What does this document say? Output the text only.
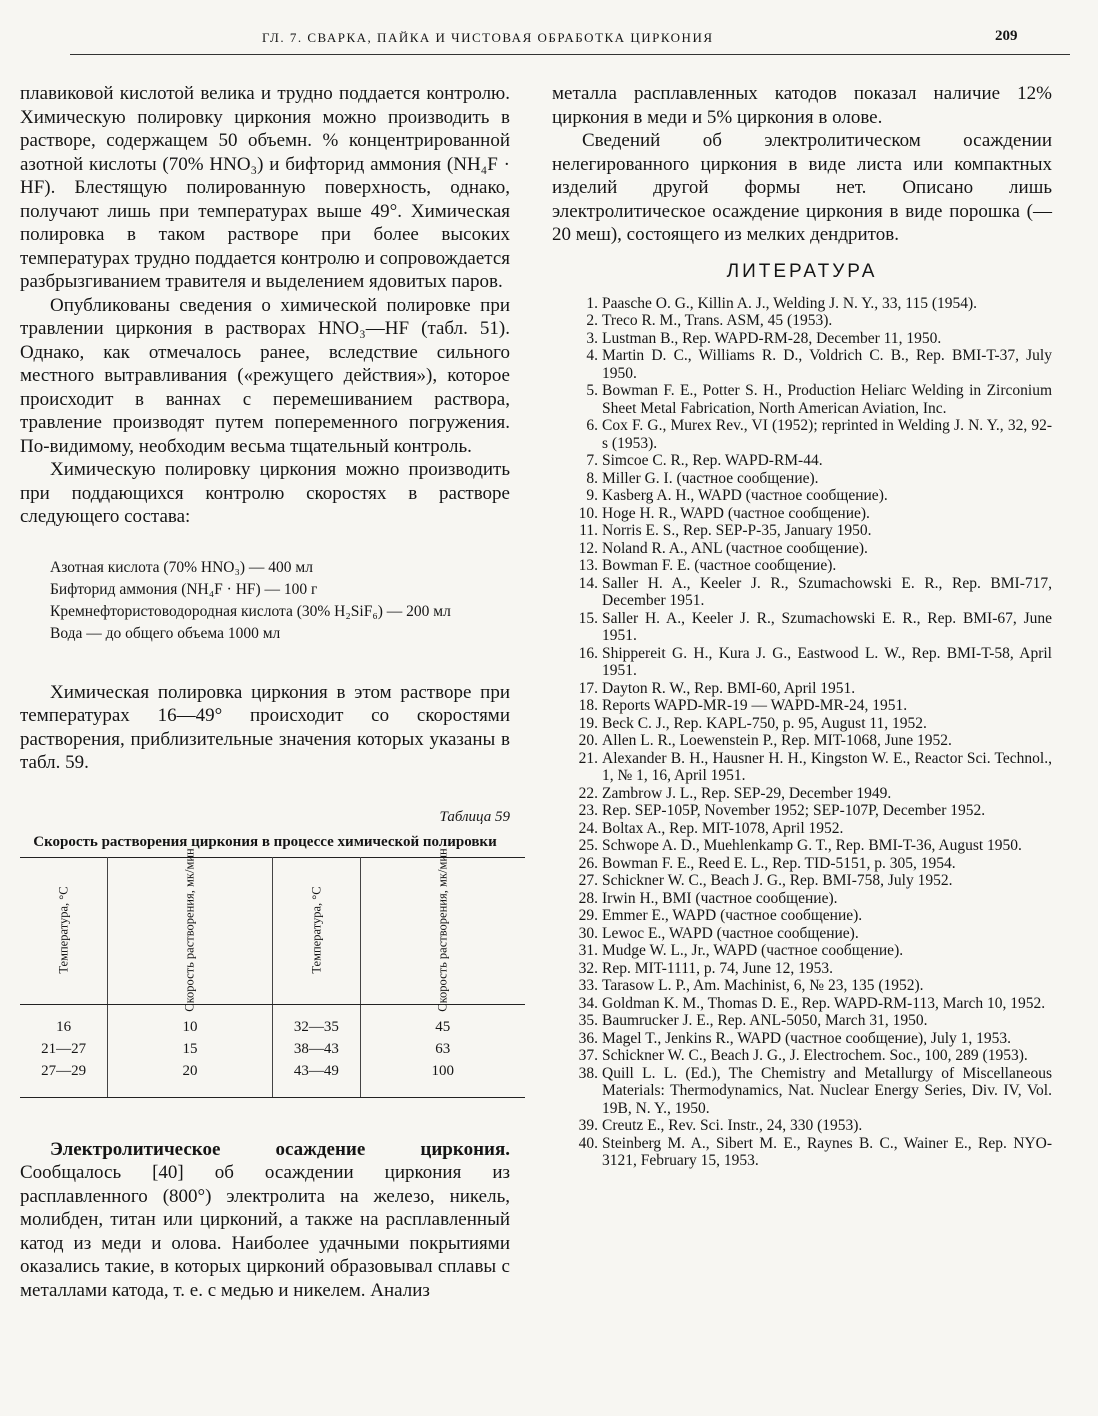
ГЛ. 7. СВАРКА, ПАЙКА И ЧИСТОВАЯ ОБРАБОТКА ЦИРКОНИЯ	209

плавиковой кислотой велика и трудно поддается контролю. Химическую полировку циркония можно производить в растворе, содержащем 50 объемн. % концентрированной азотной кислоты (70% HNO₃) и бифторид аммония (NH₄F · HF). Блестящую полированную поверхность, однако, получают лишь при температурах выше 49°. Химическая полировка в таком растворе при более высоких температурах трудно поддается контролю и сопровождается разбрызгиванием травителя и выделением ядовитых паров.

Опубликованы сведения о химической полировке при травлении циркония в растворах HNO₃—HF (табл. 51). Однако, как отмечалось ранее, вследствие сильного местного вытравливания («режущего действия»), которое происходит в ваннах с перемешиванием раствора, травление производят путем попеременного погружения. По-видимому, необходим весьма тщательный контроль.

Химическую полировку циркония можно производить при поддающихся контролю скоростях в растворе следующего состава:

Азотная кислота (70% HNO₃) — 400 мл
Бифторид аммония (NH₄F · HF) — 100 г
Кремнефтористоводородная кислота (30% H₂SiF₆) — 200 мл
Вода — до общего объема 1000 мл

Химическая полировка циркония в этом растворе при температурах 16—49° происходит со скоростями растворения, приблизительные значения которых указаны в табл. 59.

Таблица 59
Скорость растворения циркония в процессе химической полировки
Температура, °С	Скорость растворения, мк/мин	Температура, °С	Скорость растворения, мк/мин
16	10	32—35	45
21—27	15	38—43	63
27—29	20	43—49	100

Электролитическое осаждение циркония. Сообщалось [40] об осаждении циркония из расплавленного (800°) электролита на железо, никель, молибден, титан или цирконий, а также на расплавленный катод из меди и олова. Наиболее удачными покрытиями оказались такие, в которых цирконий образовывал сплавы с металлами катода, т. е. с медью и никелем. Анализ

металла расплавленных катодов показал наличие 12% циркония в меди и 5% циркония в олове.

Сведений об электролитическом осаждении нелегированного циркония в виде листа или компактных изделий другой формы нет. Описано лишь электролитическое осаждение циркония в виде порошка (—20 меш), состоящего из мелких дендритов.

ЛИТЕРАТУРА
1. Paasche O. G., Killin A. J., Welding J. N. Y., 33, 115 (1954).
2. Treco R. M., Trans. ASM, 45 (1953).
3. Lustman B., Rep. WAPD-RM-28, December 11, 1950.
4. Martin D. C., Williams R. D., Voldrich C. B., Rep. BMI-T-37, July 1950.
5. Bowman F. E., Potter S. H., Production Heliarc Welding in Zirconium Sheet Metal Fabrication, North American Aviation, Inc.
6. Cox F. G., Murex Rev., VI (1952); reprinted in Welding J. N. Y., 32, 92-s (1953).
7. Simcoe C. R., Rep. WAPD-RM-44.
8. Miller G. I. (частное сообщение).
9. Kasberg A. H., WAPD (частное сообщение).
10. Hoge H. R., WAPD (частное сообщение).
11. Norris E. S., Rep. SEP-P-35, January 1950.
12. Noland R. A., ANL (частное сообщение).
13. Bowman F. E. (частное сообщение).
14. Saller H. A., Keeler J. R., Szumachowski E. R., Rep. BMI-717, December 1951.
15. Saller H. A., Keeler J. R., Szumachowski E. R., Rep. BMI-67, June 1951.
16. Shippereit G. H., Kura J. G., Eastwood L. W., Rep. BMI-T-58, April 1951.
17. Dayton R. W., Rep. BMI-60, April 1951.
18. Reports WAPD-MR-19 — WAPD-MR-24, 1951.
19. Beck C. J., Rep. KAPL-750, p. 95, August 11, 1952.
20. Allen L. R., Loewenstein P., Rep. MIT-1068, June 1952.
21. Alexander B. H., Hausner H. H., Kingston W. E., Reactor Sci. Technol., 1, № 1, 16, April 1951.
22. Zambrow J. L., Rep. SEP-29, December 1949.
23. Rep. SEP-105P, November 1952; SEP-107P, December 1952.
24. Boltax A., Rep. MIT-1078, April 1952.
25. Schwope A. D., Muehlenkamp G. T., Rep. BMI-T-36, August 1950.
26. Bowman F. E., Reed E. L., Rep. TID-5151, p. 305, 1954.
27. Schickner W. C., Beach J. G., Rep. BMI-758, July 1952.
28. Irwin H., BMI (частное сообщение).
29. Emmer E., WAPD (частное сообщение).
30. Lewoc E., WAPD (частное сообщение).
31. Mudge W. L., Jr., WAPD (частное сообщение).
32. Rep. MIT-1111, p. 74, June 12, 1953.
33. Tarasow L. P., Am. Machinist, 6, № 23, 135 (1952).
34. Goldman K. M., Thomas D. E., Rep. WAPD-RM-113, March 10, 1952.
35. Baumrucker J. E., Rep. ANL-5050, March 31, 1950.
36. Magel T., Jenkins R., WAPD (частное сообщение), July 1, 1953.
37. Schickner W. C., Beach J. G., J. Electrochem. Soc., 100, 289 (1953).
38. Quill L. L. (Ed.), The Chemistry and Metallurgy of Miscellaneous Materials: Thermodynamics, Nat. Nuclear Energy Series, Div. IV, Vol. 19B, N. Y., 1950.
39. Creutz E., Rev. Sci. Instr., 24, 330 (1953).
40. Steinberg M. A., Sibert M. E., Raynes B. C., Wainer E., Rep. NYO-3121, February 15, 1953.
